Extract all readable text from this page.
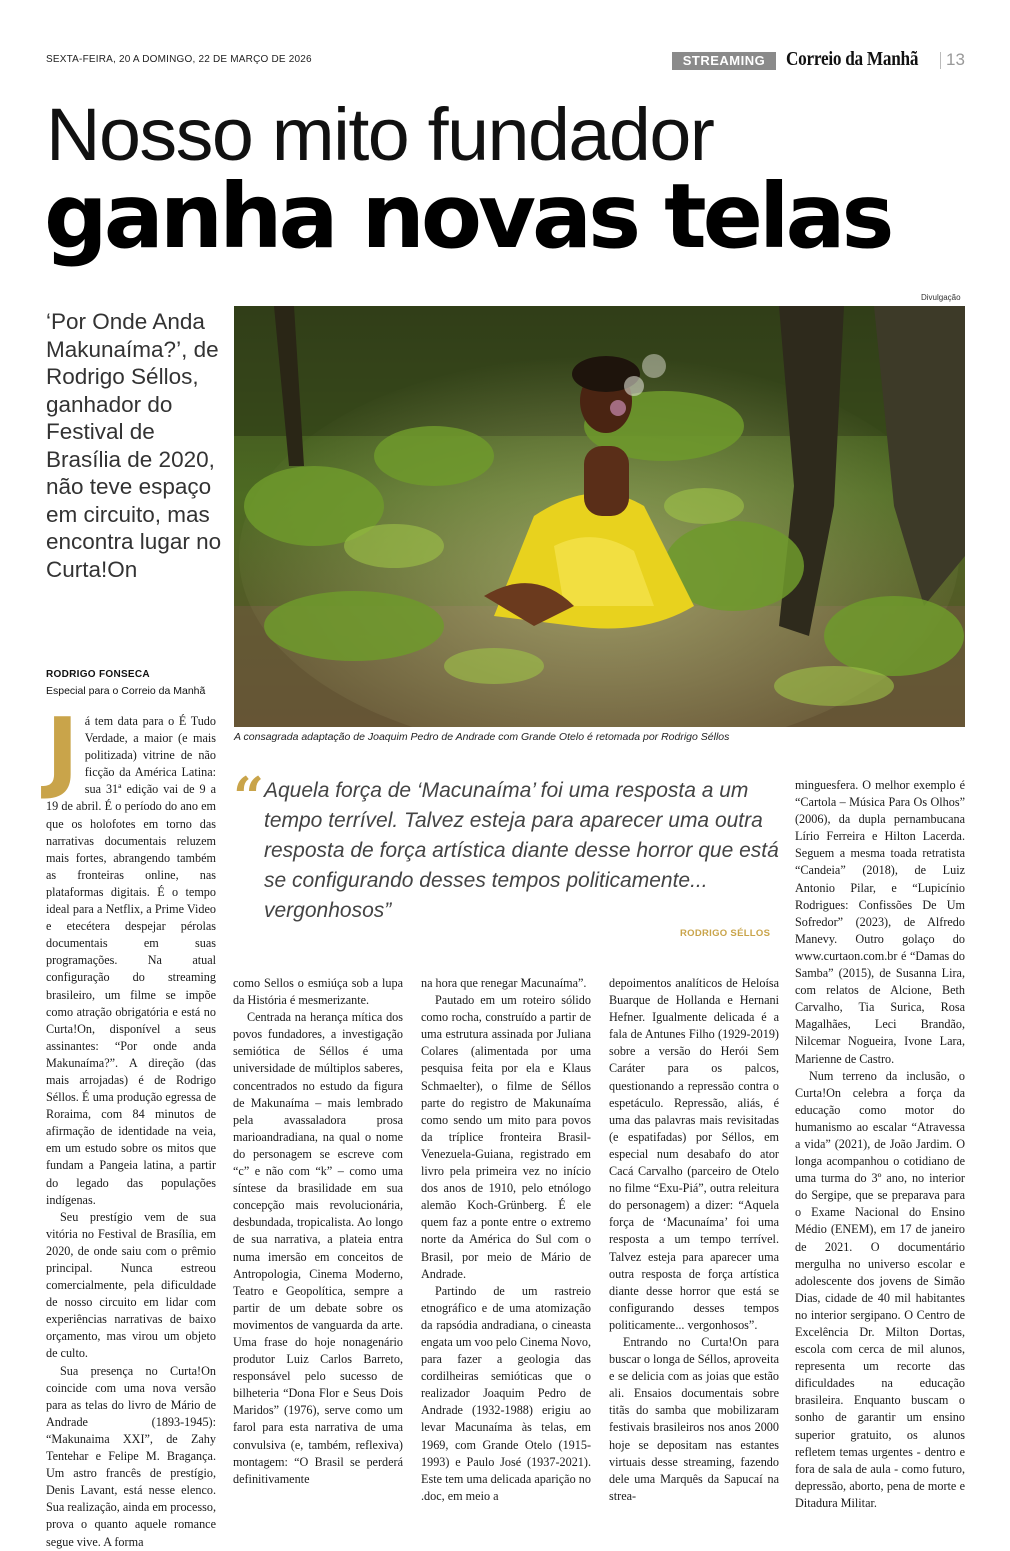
SEXTA-FEIRA, 20 A DOMINGO, 22 DE MARÇO DE 2026	STREAMING	Correio da Manhã 13
Nosso mito fundador
ganha novas telas
‘Por Onde Anda Makunaíma?’, de Rodrigo Séllos, ganhador do Festival de Brasília de 2020, não teve espaço em circuito, mas encontra lugar no Curta!On
RODRIGO FONSECA
Especial para o Correio da Manhã
Divulgação
A consagrada adaptação de Joaquim Pedro de Andrade com Grande Otelo é retomada por Rodrigo Séllos
“ Aquela força de ‘Macunaíma’ foi uma resposta a um tempo terrível. Talvez esteja para aparecer uma outra resposta de força artística diante desse horror que está se configurando desses tempos politicamente... vergonhosos”
RODRIGO SÉLLOS
J á tem data para o É Tudo Verdade, a maior (e mais politizada) vitrine de não ficção da América Latina: sua 31ª edição vai de 9 a 19 de abril. É o período do ano em que os holofotes em torno das narrativas documentais reluzem mais fortes, abrangendo também as fronteiras online, nas plataformas digitais. É o tempo ideal para a Netflix, a Prime Video e etecétera despejar pérolas documentais em suas programações. Na atual configuração do streaming brasileiro, um filme se impõe como atração obrigatória e está no Curta!On, disponível a seus assinantes: “Por onde anda Makunaíma?”. A direção (das mais arrojadas) é de Rodrigo Séllos. É uma produção egressa de Roraima, com 84 minutos de afirmação de identidade na veia, em um estudo sobre os mitos que fundam a Pangeia latina, a partir do legado das populações indígenas.

Seu prestígio vem de sua vitória no Festival de Brasília, em 2020, de onde saiu com o prêmio principal. Nunca estreou comercialmente, pela dificuldade de nosso circuito em lidar com experiências narrativas de baixo orçamento, mas virou um objeto de culto.

Sua presença no Curta!On coincide com uma nova versão para as telas do livro de Mário de Andrade (1893-1945): “Makunaima XXI”, de Zahy Tentehar e Felipe M. Bragança. Um astro francês de prestígio, Denis Lavant, está nesse elenco. Sua realização, ainda em processo, prova o quanto aquele romance segue vive. A forma

como Sellos o esmiúça sob a lupa da História é mesmerizante.

Centrada na herança mítica dos povos fundadores, a investigação semiótica de Séllos é uma universidade de múltiplos saberes, concentrados no estudo da figura de Makunaíma – mais lembrado pela avassaladora prosa marioandradiana, na qual o nome do personagem se escreve com “c” e não com “k” – como uma síntese da brasilidade em sua concepção mais revolucionária, desbundada, tropicalista. Ao longo de sua narrativa, a plateia entra numa imersão em conceitos de Antropologia, Cinema Moderno, Teatro e Geopolítica, sempre a partir de um debate sobre os movimentos de vanguarda da arte. Uma frase do hoje nonagenário produtor Luiz Carlos Barreto, responsável pelo sucesso de bilheteria “Dona Flor e Seus Dois Maridos” (1976), serve como um farol para esta narrativa de uma convulsiva (e, também, reflexiva) montagem: “O Brasil se perderá definitivamente

na hora que renegar Macunaíma”.

Pautado em um roteiro sólido como rocha, construído a partir de uma estrutura assinada por Juliana Colares (alimentada por uma pesquisa feita por ela e Klaus Schmaelter), o filme de Séllos parte do registro de Makunaíma como sendo um mito para povos da tríplice fronteira Brasil-Venezuela-Guiana, registrado em livro pela primeira vez no início dos anos de 1910, pelo etnólogo alemão Koch-Grünberg. É ele quem faz a ponte entre o extremo norte da América do Sul com o Brasil, por meio de Mário de Andrade.

Partindo de um rastreio etnográfico e de uma atomização da rapsódia andradiana, o cineasta engata um voo pelo Cinema Novo, para fazer a geologia das cordilheiras semióticas que o realizador Joaquim Pedro de Andrade (1932-1988) erigiu ao levar Macunaíma às telas, em 1969, com Grande Otelo (1915-1993) e Paulo José (1937-2021). Este tem uma delicada aparição no .doc, em meio a

depoimentos analíticos de Heloísa Buarque de Hollanda e Hernani Hefner. Igualmente delicada é a fala de Antunes Filho (1929-2019) sobre a versão do Herói Sem Caráter para os palcos, questionando a repressão contra o espetáculo. Repressão, aliás, é uma das palavras mais revisitadas (e espatifadas) por Séllos, em especial num desabafo do ator Cacá Carvalho (parceiro de Otelo no filme “Exu-Piá”, outra releitura do personagem) a dizer: “Aquela força de ‘Macunaíma’ foi uma resposta a um tempo terrível. Talvez esteja para aparecer uma outra resposta de força artística diante desse horror que está se configurando desses tempos politicamente... vergonhosos”.

Entrando no Curta!On para buscar o longa de Séllos, aproveita e se delicia com as joias que estão ali. Ensaios documentais sobre titãs do samba que mobilizaram festivais brasileiros nos anos 2000 hoje se depositam nas estantes virtuais desse streaming, fazendo dele uma Marquês da Sapucaí na strea-

minguesfera. O melhor exemplo é “Cartola – Música Para Os Olhos” (2006), da dupla pernambucana Lírio Ferreira e Hilton Lacerda. Seguem a mesma toada retratista “Candeia” (2018), de Luiz Antonio Pilar, e “Lupicínio Rodrigues: Confissões De Um Sofredor” (2023), de Alfredo Manevy. Outro golaço do www.curtaon.com.br é “Damas do Samba” (2015), de Susanna Lira, com relatos de Alcione, Beth Carvalho, Tia Surica, Rosa Magalhães, Leci Brandão, Nilcemar Nogueira, Ivone Lara, Marienne de Castro.

Num terreno da inclusão, o Curta!On celebra a força da educação como motor do humanismo ao escalar “Atravessa a vida” (2021), de João Jardim. O longa acompanhou o cotidiano de uma turma do 3º ano, no interior do Sergipe, que se preparava para o Exame Nacional do Ensino Médio (ENEM), em 17 de janeiro de 2021. O documentário mergulha no universo escolar e adolescente dos jovens de Simão Dias, cidade de 40 mil habitantes no interior sergipano. O Centro de Excelência Dr. Milton Dortas, escola com cerca de mil alunos, representa um recorte das dificuldades na educação brasileira. Enquanto buscam o sonho de garantir um ensino superior gratuito, os alunos refletem temas urgentes - dentro e fora de sala de aula - como futuro, depressão, aborto, pena de morte e Ditadura Militar.
